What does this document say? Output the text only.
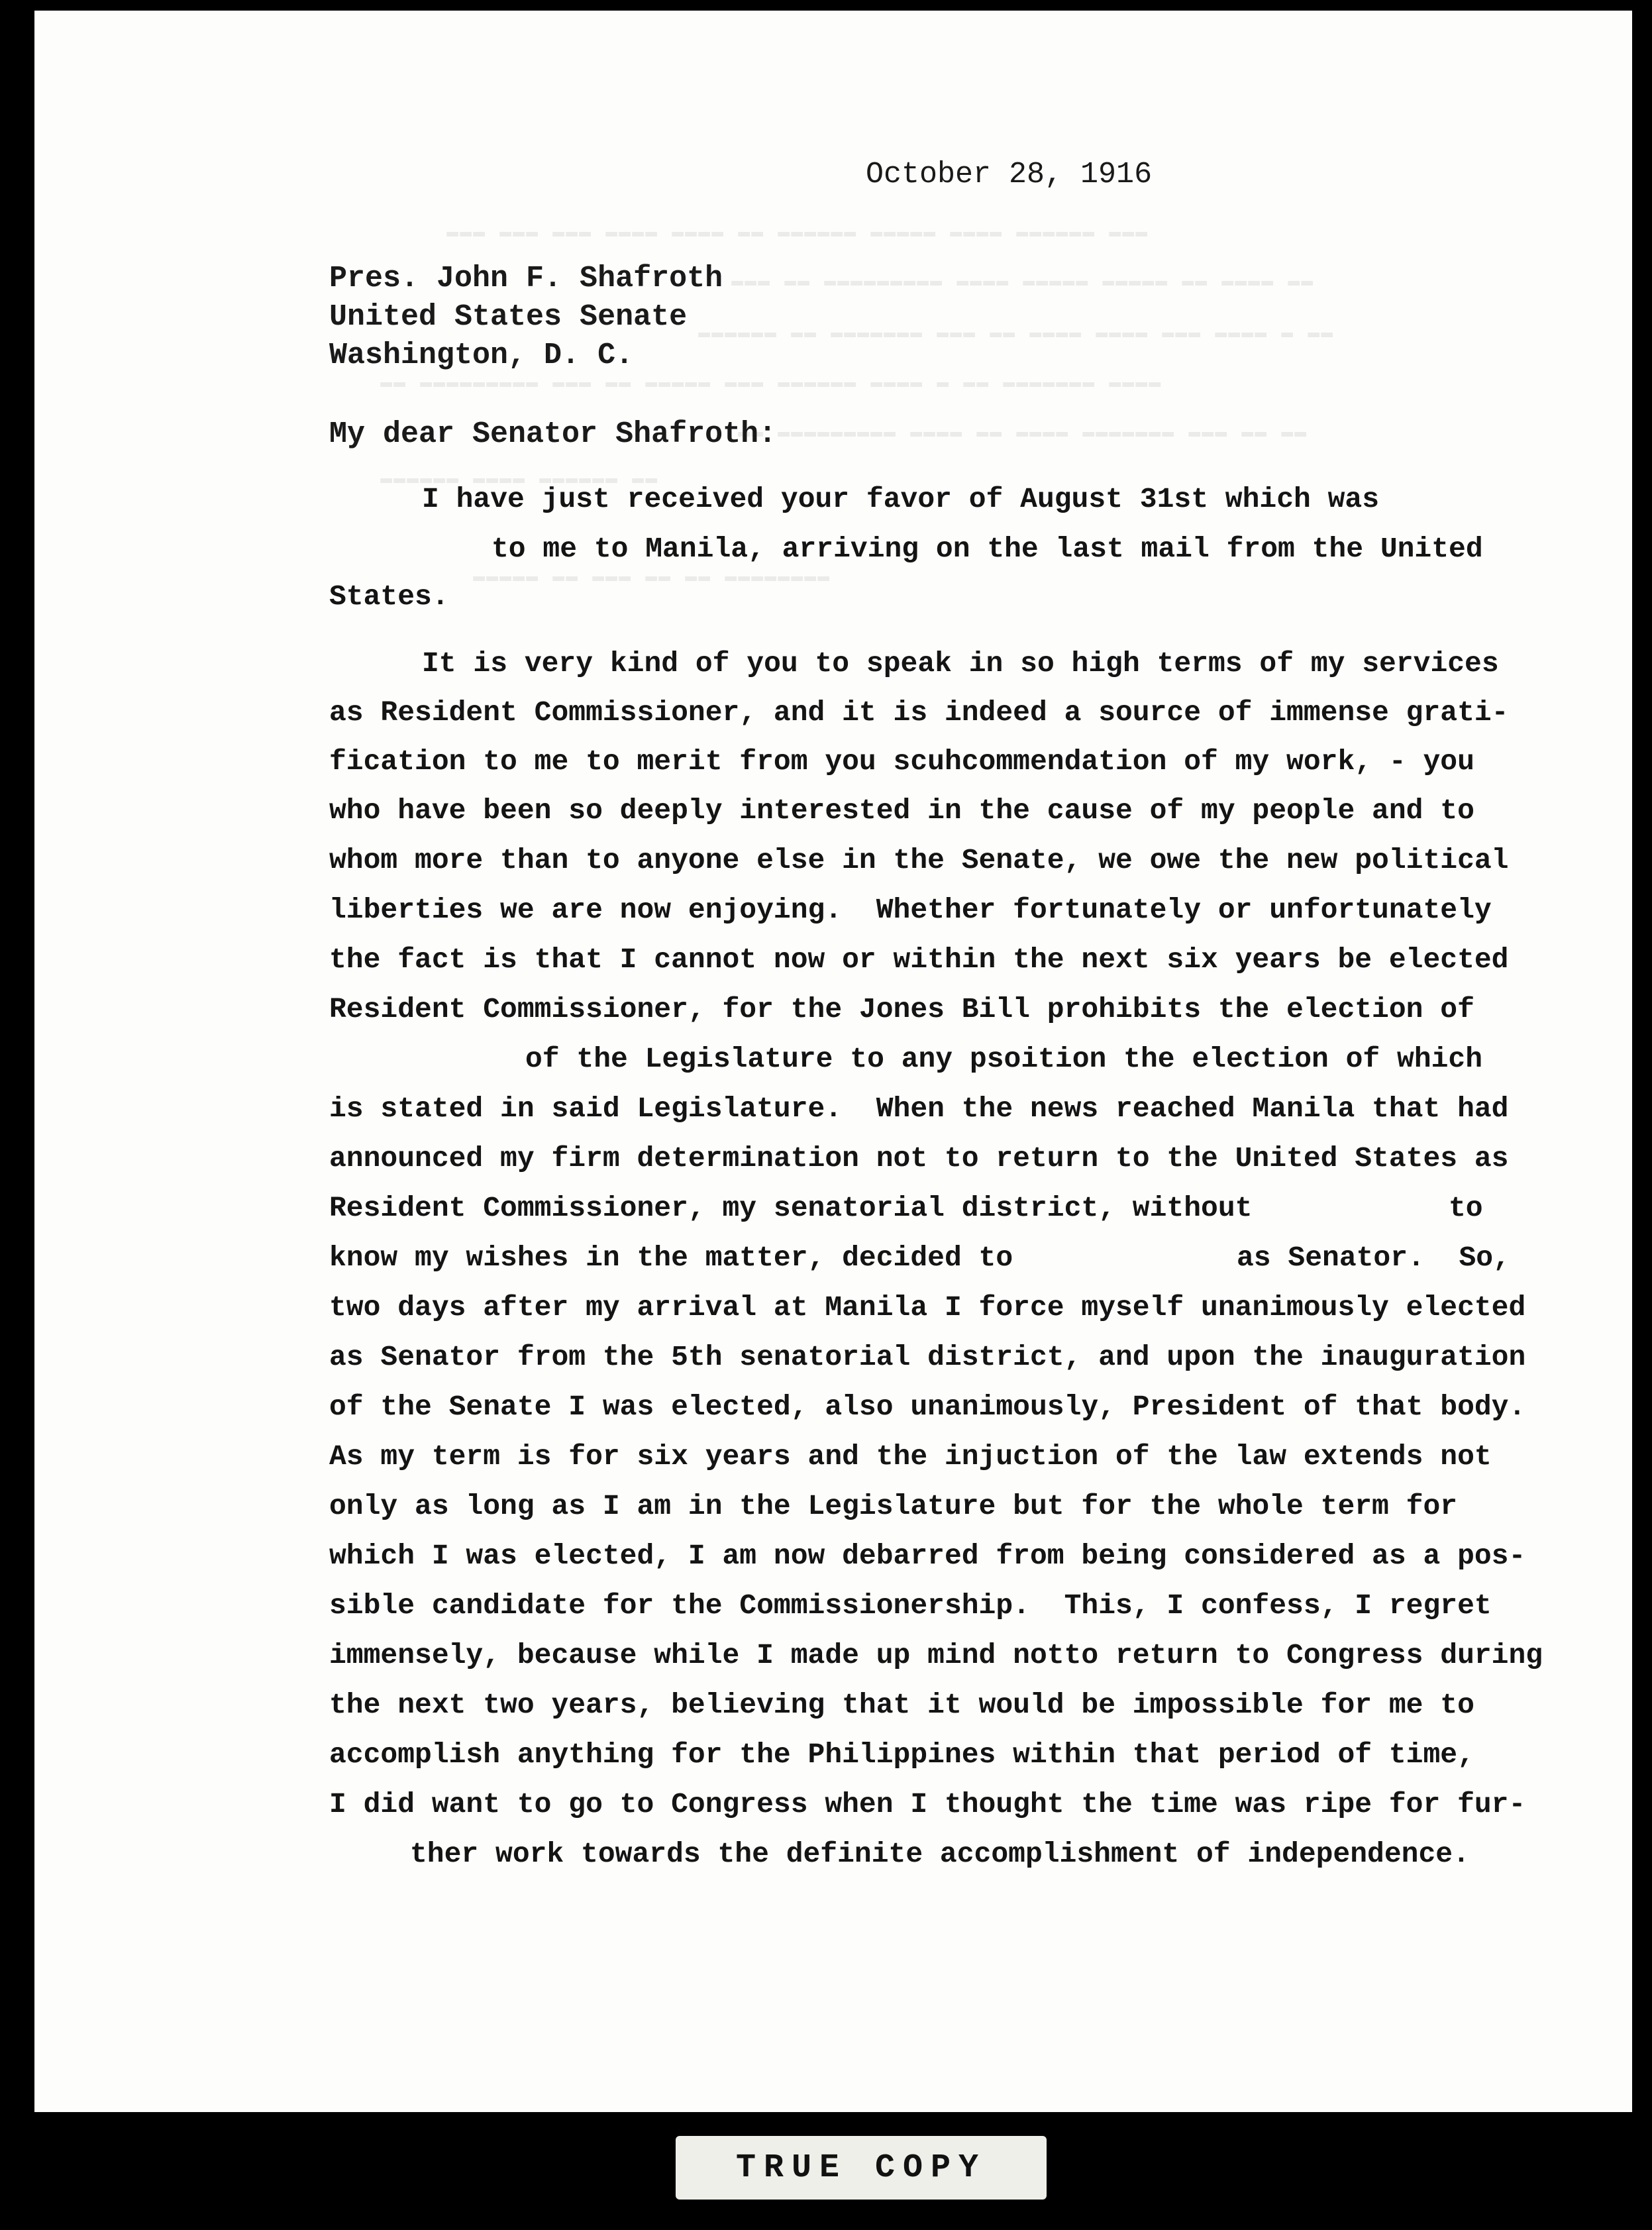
▬▬▬ ▬▬▬▬▬▬ ▬▬▬▬ ▬▬▬▬▬ ▬▬▬▬▬▬ ▬▬ ▬▬▬▬ ▬▬▬▬ ▬▬▬ ▬▬▬ ▬▬▬
▬▬ ▬▬▬▬ ▬▬ ▬▬▬▬▬ ▬▬▬▬▬ ▬▬▬▬ ▬▬▬▬▬▬▬▬▬ ▬▬ ▬▬▬
▬▬ ▬ ▬▬▬▬ ▬▬▬ ▬▬▬▬ ▬▬▬▬ ▬▬ ▬▬▬ ▬▬▬▬▬▬▬ ▬▬ ▬▬▬▬▬▬
▬▬▬▬ ▬▬▬▬▬▬▬ ▬▬ ▬ ▬▬▬▬ ▬▬▬▬▬▬ ▬▬▬ ▬▬▬▬▬ ▬▬ ▬▬▬ ▬▬▬▬▬▬▬▬▬ ▬▬
▬▬ ▬▬ ▬▬▬ ▬▬▬▬▬▬▬ ▬▬▬▬ ▬▬ ▬▬▬▬ ▬▬▬▬▬▬▬▬▬ ▬▬
▬▬ ▬▬▬▬▬▬ ▬▬▬▬ ▬▬▬▬▬▬
▬▬▬▬▬▬▬▬ ▬▬ ▬▬ ▬▬▬ ▬▬ ▬▬▬▬▬
October 28, 1916
Pres. John F. Shafroth
United States Senate
Washington, D. C.
My dear Senator Shafroth:
I have just received your favor of August 31st which was
to me to Manila, arriving on the last mail from the United
States.
It is very kind of you to speak in so high terms of my services
as Resident Commissioner, and it is indeed a source of immense grati-
fication to me to merit from you scuhcommendation of my work, - you
who have been so deeply interested in the cause of my people and to
whom more than to anyone else in the Senate, we owe the new political
liberties we are now enjoying.  Whether fortunately or unfortunately
the fact is that I cannot now or within the next six years be elected
Resident Commissioner, for the Jones Bill prohibits the election of
of the Legislature to any psoition the election of which
is stated in said Legislature.  When the news reached Manila that had
announced my firm determination not to return to the United States as
Resident Commissioner, my senatorial district, without	to
know my wishes in the matter, decided to	as Senator.  So,
two days after my arrival at Manila I force myself unanimously elected
as Senator from the 5th senatorial district, and upon the inauguration
of the Senate I was elected, also unanimously, President of that body.
As my term is for six years and the injuction of the law extends not
only as long as I am in the Legislature but for the whole term for
which I was elected, I am now debarred from being considered as a pos-
sible candidate for the Commissionership.  This, I confess, I regret
immensely, because while I made up mind notto return to Congress during
the next two years, believing that it would be impossible for me to
accomplish anything for the Philippines within that period of time,
I did want to go to Congress when I thought the time was ripe for fur-
ther work towards the definite accomplishment of independence.
TRUE COPY
